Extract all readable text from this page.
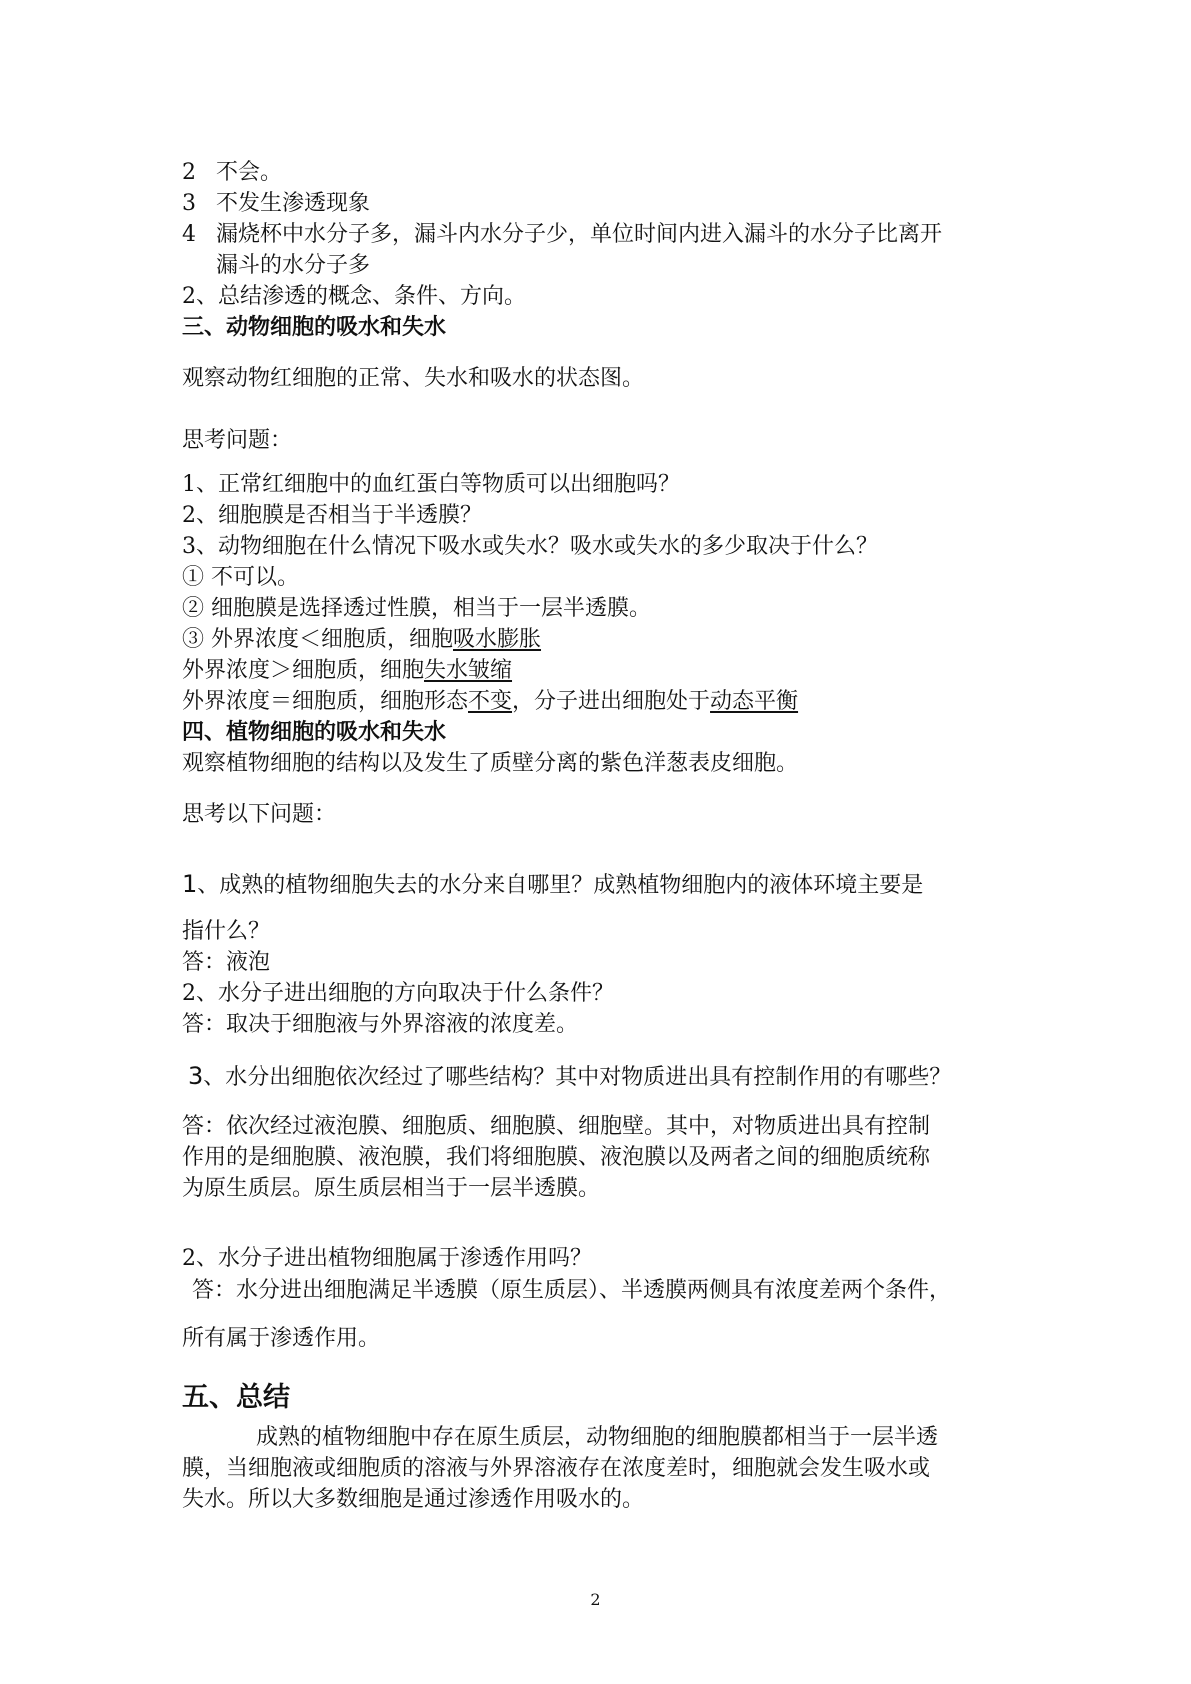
2 不会。
3 不发生渗透现象
4 漏烧杯中水分子多，漏斗内水分子少，单位时间内进入漏斗的水分子比离开
漏斗的水分子多
2、总结渗透的概念、条件、方向。
三、动物细胞的吸水和失水
观察动物红细胞的正常、失水和吸水的状态图。
思考问题：
1、正常红细胞中的血红蛋白等物质可以出细胞吗？
2、细胞膜是否相当于半透膜？
3、动物细胞在什么情况下吸水或失水？吸水或失水的多少取决于什么？
① 不可以。
② 细胞膜是选择透过性膜，相当于一层半透膜。
③ 外界浓度＜细胞质，细胞吸水膨胀
外界浓度＞细胞质，细胞失水皱缩
外界浓度＝细胞质，细胞形态不变，分子进出细胞处于动态平衡
四、植物细胞的吸水和失水
观察植物细胞的结构以及发生了质壁分离的紫色洋葱表皮细胞。
思考以下问题：
1、成熟的植物细胞失去的水分来自哪里？成熟植物细胞内的液体环境主要是
指什么？
答：液泡
2、水分子进出细胞的方向取决于什么条件？
答：取决于细胞液与外界溶液的浓度差。
3、水分出细胞依次经过了哪些结构？其中对物质进出具有控制作用的有哪些？
答：依次经过液泡膜、细胞质、细胞膜、细胞壁。其中，对物质进出具有控制
作用的是细胞膜、液泡膜，我们将细胞膜、液泡膜以及两者之间的细胞质统称
为原生质层。原生质层相当于一层半透膜。
2、水分子进出植物细胞属于渗透作用吗？
答：水分进出细胞满足半透膜（原生质层）、半透膜两侧具有浓度差两个条件，
所有属于渗透作用。
五、总结
成熟的植物细胞中存在原生质层，动物细胞的细胞膜都相当于一层半透
膜，当细胞液或细胞质的溶液与外界溶液存在浓度差时，细胞就会发生吸水或
失水。所以大多数细胞是通过渗透作用吸水的。
2
